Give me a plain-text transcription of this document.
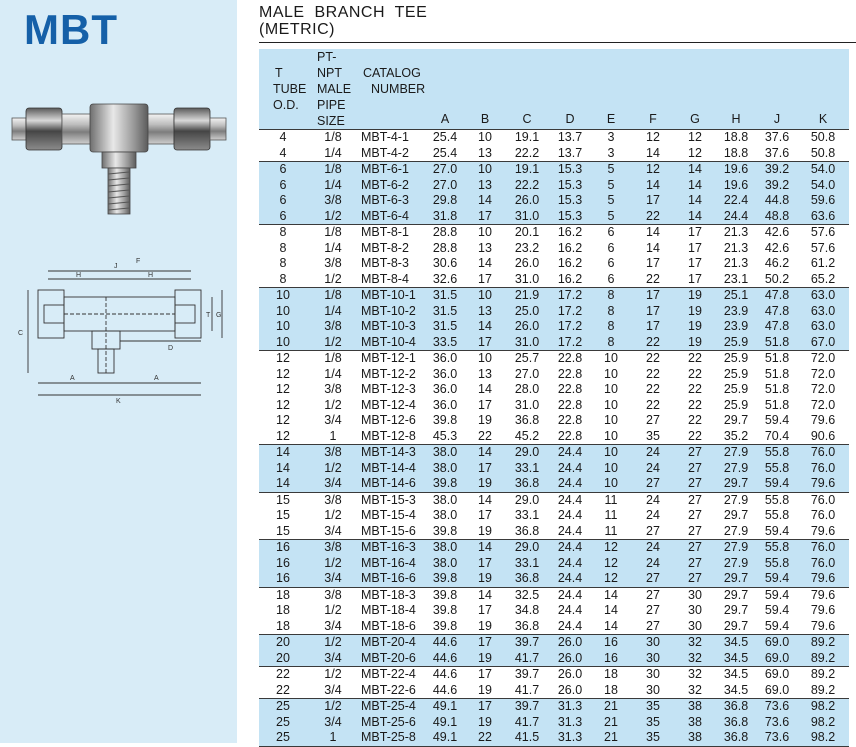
MBT
J
F
H	H
T G
C
D
A	A
K
MALE  BRANCH  TEE
(METRIC)
T
TUBE
O.D.	PT-NPT
MALE
PIPE
SIZE	CATALOG
NUMBER	A	B	C	D	E	F	G	H	J	K
4	1/8	MBT-4-1	25.4	10	19.1	13.7	3	12	12	18.8	37.6	50.8
4	1/4	MBT-4-2	25.4	13	22.2	13.7	3	14	12	18.8	37.6	50.8
6	1/8	MBT-6-1	27.0	10	19.1	15.3	5	12	14	19.6	39.2	54.0
6	1/4	MBT-6-2	27.0	13	22.2	15.3	5	14	14	19.6	39.2	54.0
6	3/8	MBT-6-3	29.8	14	26.0	15.3	5	17	14	22.4	44.8	59.6
6	1/2	MBT-6-4	31.8	17	31.0	15.3	5	22	14	24.4	48.8	63.6
8	1/8	MBT-8-1	28.8	10	20.1	16.2	6	14	17	21.3	42.6	57.6
8	1/4	MBT-8-2	28.8	13	23.2	16.2	6	14	17	21.3	42.6	57.6
8	3/8	MBT-8-3	30.6	14	26.0	16.2	6	17	17	21.3	46.2	61.2
8	1/2	MBT-8-4	32.6	17	31.0	16.2	6	22	17	23.1	50.2	65.2
10	1/8	MBT-10-1	31.5	10	21.9	17.2	8	17	19	25.1	47.8	63.0
10	1/4	MBT-10-2	31.5	13	25.0	17.2	8	17	19	23.9	47.8	63.0
10	3/8	MBT-10-3	31.5	14	26.0	17.2	8	17	19	23.9	47.8	63.0
10	1/2	MBT-10-4	33.5	17	31.0	17.2	8	22	19	25.9	51.8	67.0
12	1/8	MBT-12-1	36.0	10	25.7	22.8	10	22	22	25.9	51.8	72.0
12	1/4	MBT-12-2	36.0	13	27.0	22.8	10	22	22	25.9	51.8	72.0
12	3/8	MBT-12-3	36.0	14	28.0	22.8	10	22	22	25.9	51.8	72.0
12	1/2	MBT-12-4	36.0	17	31.0	22.8	10	22	22	25.9	51.8	72.0
12	3/4	MBT-12-6	39.8	19	36.8	22.8	10	27	22	29.7	59.4	79.6
12	1	MBT-12-8	45.3	22	45.2	22.8	10	35	22	35.2	70.4	90.6
14	3/8	MBT-14-3	38.0	14	29.0	24.4	10	24	27	27.9	55.8	76.0
14	1/2	MBT-14-4	38.0	17	33.1	24.4	10	24	27	27.9	55.8	76.0
14	3/4	MBT-14-6	39.8	19	36.8	24.4	10	27	27	29.7	59.4	79.6
15	3/8	MBT-15-3	38.0	14	29.0	24.4	11	24	27	27.9	55.8	76.0
15	1/2	MBT-15-4	38.0	17	33.1	24.4	11	24	27	29.7	55.8	76.0
15	3/4	MBT-15-6	39.8	19	36.8	24.4	11	27	27	27.9	59.4	79.6
16	3/8	MBT-16-3	38.0	14	29.0	24.4	12	24	27	27.9	55.8	76.0
16	1/2	MBT-16-4	38.0	17	33.1	24.4	12	24	27	27.9	55.8	76.0
16	3/4	MBT-16-6	39.8	19	36.8	24.4	12	27	27	29.7	59.4	79.6
18	3/8	MBT-18-3	39.8	14	32.5	24.4	14	27	30	29.7	59.4	79.6
18	1/2	MBT-18-4	39.8	17	34.8	24.4	14	27	30	29.7	59.4	79.6
18	3/4	MBT-18-6	39.8	19	36.8	24.4	14	27	30	29.7	59.4	79.6
20	1/2	MBT-20-4	44.6	17	39.7	26.0	16	30	32	34.5	69.0	89.2
20	3/4	MBT-20-6	44.6	19	41.7	26.0	16	30	32	34.5	69.0	89.2
22	1/2	MBT-22-4	44.6	17	39.7	26.0	18	30	32	34.5	69.0	89.2
22	3/4	MBT-22-6	44.6	19	41.7	26.0	18	30	32	34.5	69.0	89.2
25	1/2	MBT-25-4	49.1	17	39.7	31.3	21	35	38	36.8	73.6	98.2
25	3/4	MBT-25-6	49.1	19	41.7	31.3	21	35	38	36.8	73.6	98.2
25	1	MBT-25-8	49.1	22	41.5	31.3	21	35	38	36.8	73.6	98.2
